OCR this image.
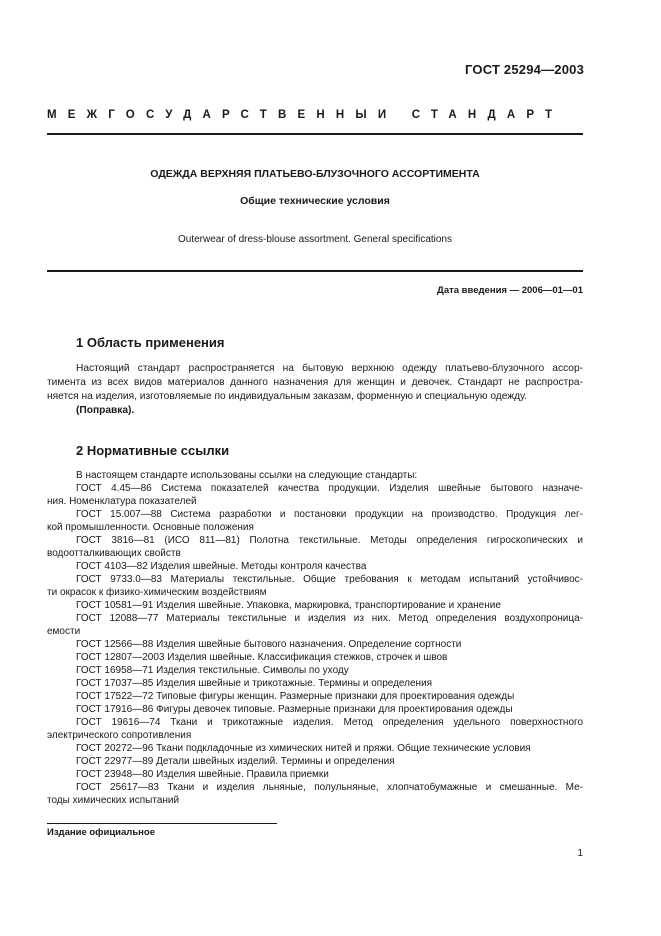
ГОСТ 25294—2003
МЕЖГОСУДАРСТВЕННЫЙ СТАНДАРТ
ОДЕЖДА ВЕРХНЯЯ ПЛАТЬЕВО-БЛУЗОЧНОГО АССОРТИМЕНТА
Общие технические условия
Outerwear of dress-blouse assortment. General specifications
Дата введения — 2006—01—01
1 Область применения
Настоящий стандарт распространяется на бытовую верхнюю одежду платьево-блузочного ассор-
тимента из всех видов материалов данного назначения для женщин и девочек. Стандарт не распростра-
няется на изделия, изготовляемые по индивидуальным заказам, форменную и специальную одежду.
(Поправка).
2 Нормативные ссылки
В настоящем стандарте использованы ссылки на следующие стандарты:
ГОСТ 4.45—86 Система показателей качества продукции. Изделия швейные бытового назначе-
ния. Номенклатура показателей
ГОСТ 15.007—88 Система разработки и постановки продукции на производство. Продукция лег-
кой промышленности. Основные положения
ГОСТ 3816—81 (ИСО 811—81) Полотна текстильные. Методы определения гигроскопических и
водоотталкивающих свойств
ГОСТ 4103—82 Изделия швейные. Методы контроля качества
ГОСТ 9733.0—83 Материалы текстильные. Общие требования к методам испытаний устойчивос-
ти окрасок к физико-химическим воздействиям
ГОСТ 10581—91 Изделия швейные. Упаковка, маркировка, транспортирование и хранение
ГОСТ 12088—77 Материалы текстильные и изделия из них. Метод определения воздухопроница-
емости
ГОСТ 12566—88 Изделия швейные бытового назначения. Определение сортности
ГОСТ 12807—2003 Изделия швейные. Классификация стежков, строчек и швов
ГОСТ 16958—71 Изделия текстильные. Символы по уходу
ГОСТ 17037—85 Изделия швейные и трикотажные. Термины и определения
ГОСТ 17522—72 Типовые фигуры женщин. Размерные признаки для проектирования одежды
ГОСТ 17916—86 Фигуры девочек типовые. Размерные признаки для проектирования одежды
ГОСТ 19616—74 Ткани и трикотажные изделия. Метод определения удельного поверхностного
электрического сопротивления
ГОСТ 20272—96 Ткани подкладочные из химических нитей и пряжи. Общие технические условия
ГОСТ 22977—89 Детали швейных изделий. Термины и определения
ГОСТ 23948—80 Изделия швейные. Правила приемки
ГОСТ 25617—83 Ткани и изделия льняные, полульняные, хлопчатобумажные и смешанные. Ме-
тоды химических испытаний
Издание официальное
1
